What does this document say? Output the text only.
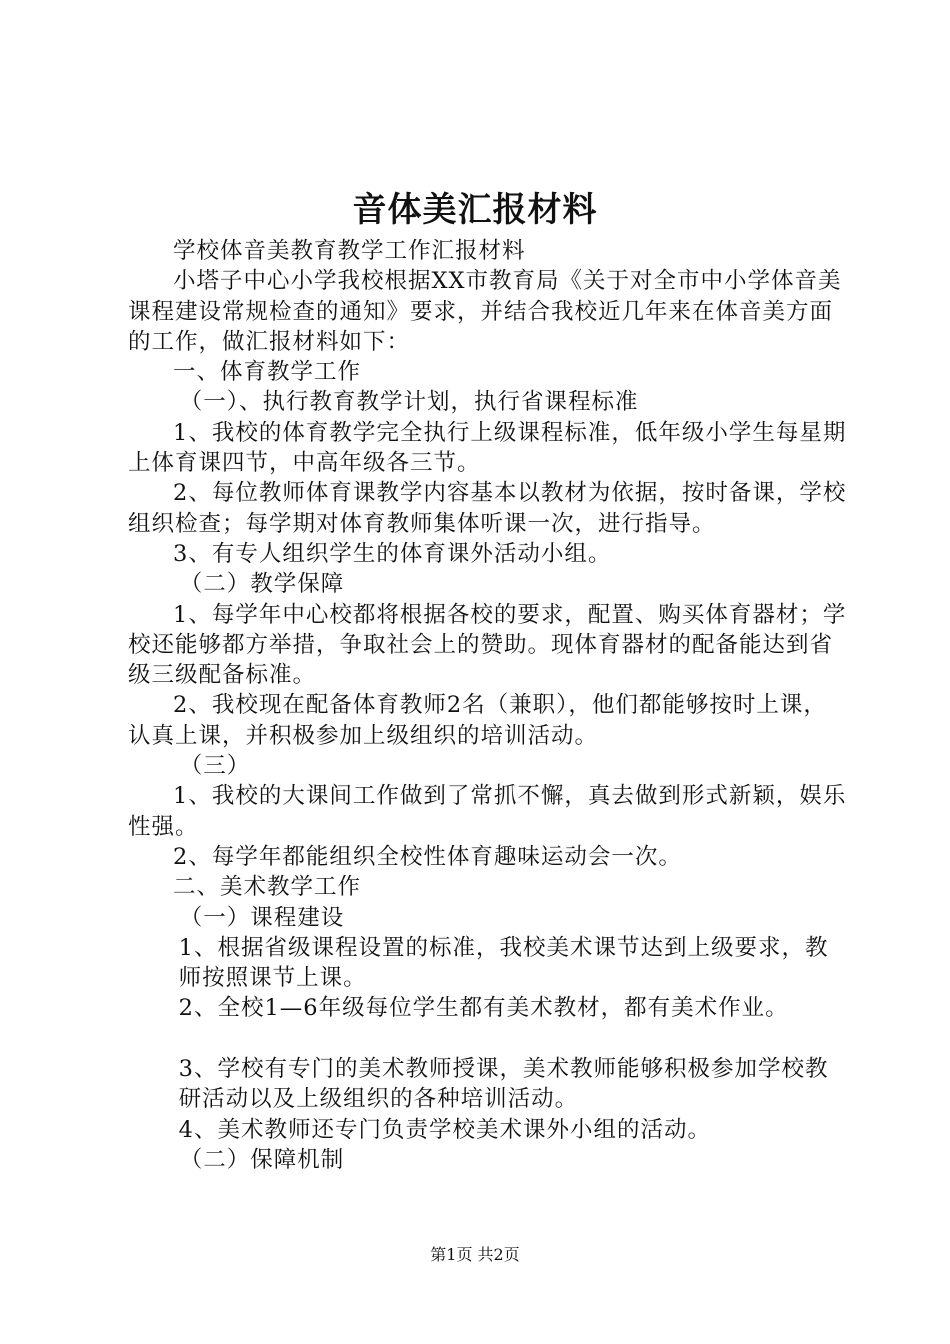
音体美汇报材料

学校体音美教育教学工作汇报材料

小塔子中心小学我校根据XX市教育局《关于对全市中小学体音美课程建设常规检查的通知》要求，并结合我校近几年来在体音美方面的工作，做汇报材料如下：

一、体育教学工作

（一）、执行教育教学计划，执行省课程标准

1、我校的体育教学完全执行上级课程标准，低年级小学生每星期上体育课四节，中高年级各三节。

2、每位教师体育课教学内容基本以教材为依据，按时备课，学校组织检查；每学期对体育教师集体听课一次，进行指导。

3、有专人组织学生的体育课外活动小组。

（二）教学保障

1、每学年中心校都将根据各校的要求，配置、购买体育器材；学校还能够都方举措，争取社会上的赞助。现体育器材的配备能达到省级三级配备标准。

2、我校现在配备体育教师2名（兼职），他们都能够按时上课，认真上课，并积极参加上级组织的培训活动。

（三）

1、我校的大课间工作做到了常抓不懈，真去做到形式新颖，娱乐性强。

2、每学年都能组织全校性体育趣味运动会一次。

二、美术教学工作

（一）课程建设

1、根据省级课程设置的标准，我校美术课节达到上级要求，教师按照课节上课。

2、全校1—6年级每位学生都有美术教材，都有美术作业。

3、学校有专门的美术教师授课，美术教师能够积极参加学校教研活动以及上级组织的各种培训活动。

4、美术教师还专门负责学校美术课外小组的活动。

（二）保障机制

第1页 共2页
